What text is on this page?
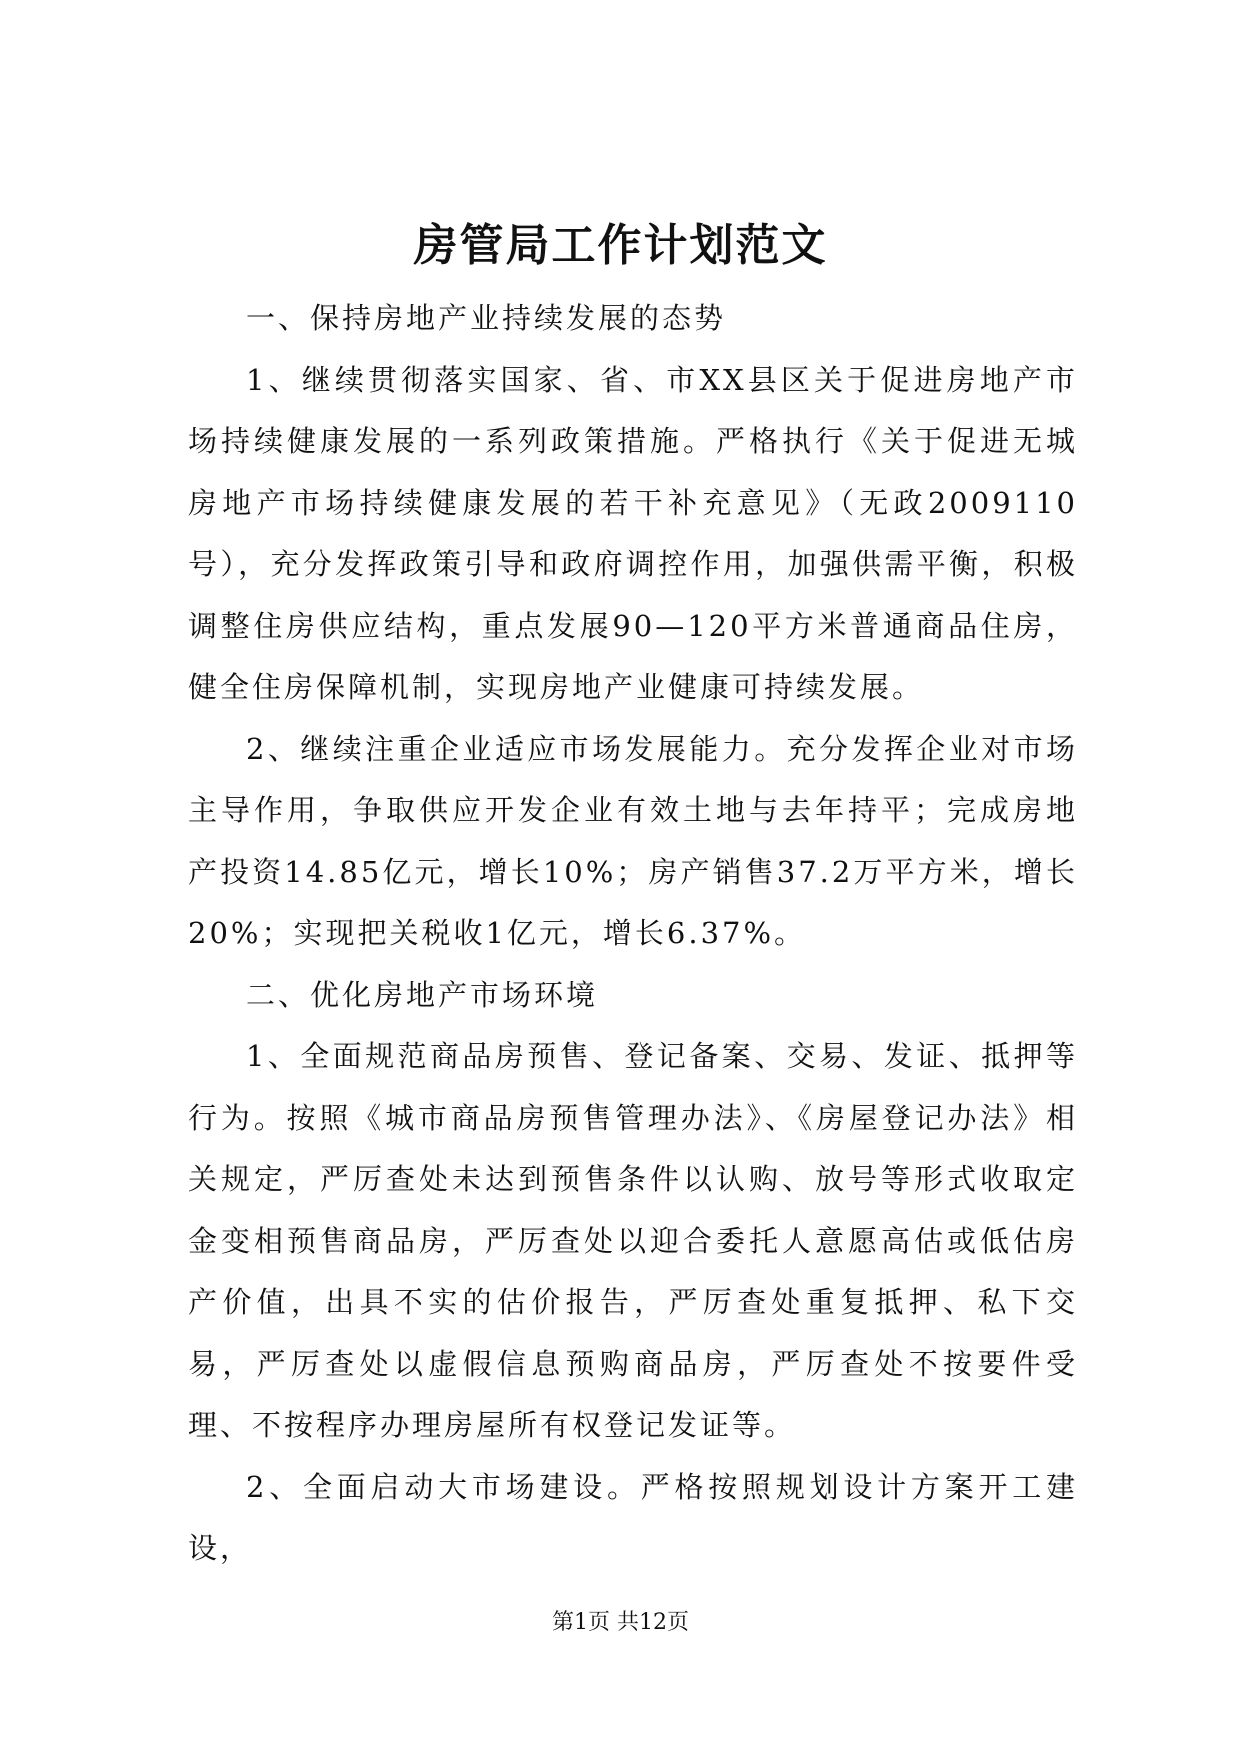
房管局工作计划范文

一、保持房地产业持续发展的态势

1、继续贯彻落实国家、省、市XX县区关于促进房地产市场持续健康发展的一系列政策措施。严格执行《关于促进无城房地产市场持续健康发展的若干补充意见》（无政2009110号），充分发挥政策引导和政府调控作用，加强供需平衡，积极调整住房供应结构，重点发展90—120平方米普通商品住房，健全住房保障机制，实现房地产业健康可持续发展。

2、继续注重企业适应市场发展能力。充分发挥企业对市场主导作用，争取供应开发企业有效土地与去年持平；完成房地产投资14.85亿元，增长10%；房产销售37.2万平方米，增长20%；实现把关税收1亿元，增长6.37%。

二、优化房地产市场环境

1、全面规范商品房预售、登记备案、交易、发证、抵押等行为。按照《城市商品房预售管理办法》、《房屋登记办法》相关规定，严厉查处未达到预售条件以认购、放号等形式收取定金变相预售商品房，严厉查处以迎合委托人意愿高估或低估房产价值，出具不实的估价报告，严厉查处重复抵押、私下交易，严厉查处以虚假信息预购商品房，严厉查处不按要件受理、不按程序办理房屋所有权登记发证等。

2、全面启动大市场建设。严格按照规划设计方案开工建设，

第1页 共12页
